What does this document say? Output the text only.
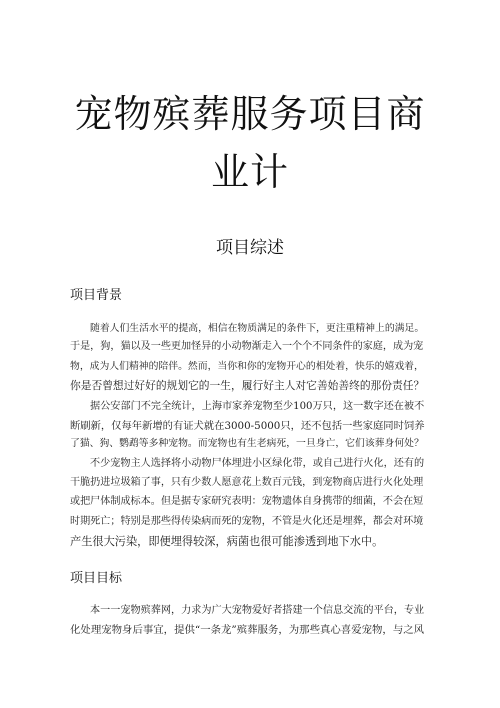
宠物殡葬服务项目商
业计
项目综述
项目背景
随着人们生活水平的提高，相信在物质满足的条件下，更注重精神上的满足。
于是，狗，猫以及一些更加怪异的小动物渐走入一个个不同条件的家庭，成为宠
物，成为人们精神的陪伴。然而，当你和你的宠物开心的相处着，快乐的嬉戏着，
你是否曾想过好好的规划它的一生，履行好主人对它善始善终的那份责任？
据公安部门不完全统计，上海市家养宠物至少100万只，这一数字还在被不
断刷新，仅每年新增的有证犬就在3000-5000只，还不包括一些家庭同时饲养
了猫、狗、鹦鹉等多种宠物。而宠物也有生老病死，一旦身亡，它们该葬身何处？
不少宠物主人选择将小动物尸体埋进小区绿化带，或自己进行火化，还有的
干脆扔进垃圾箱了事，只有少数人愿意花上数百元钱，到宠物商店进行火化处理
或把尸体制成标本。但是据专家研究表明：宠物遗体自身携带的细菌，不会在短
时期死亡；特别是那些得传染病而死的宠物，不管是火化还是埋葬，都会对环境
产生很大污染，即便埋得较深，病菌也很可能渗透到地下水中。
项目目标
本一一宠物殡葬网，力求为广大宠物爱好者搭建一个信息交流的平台，专业
化处理宠物身后事宜，提供“一条龙”殡葬服务，为那些真心喜爱宠物，与之风
